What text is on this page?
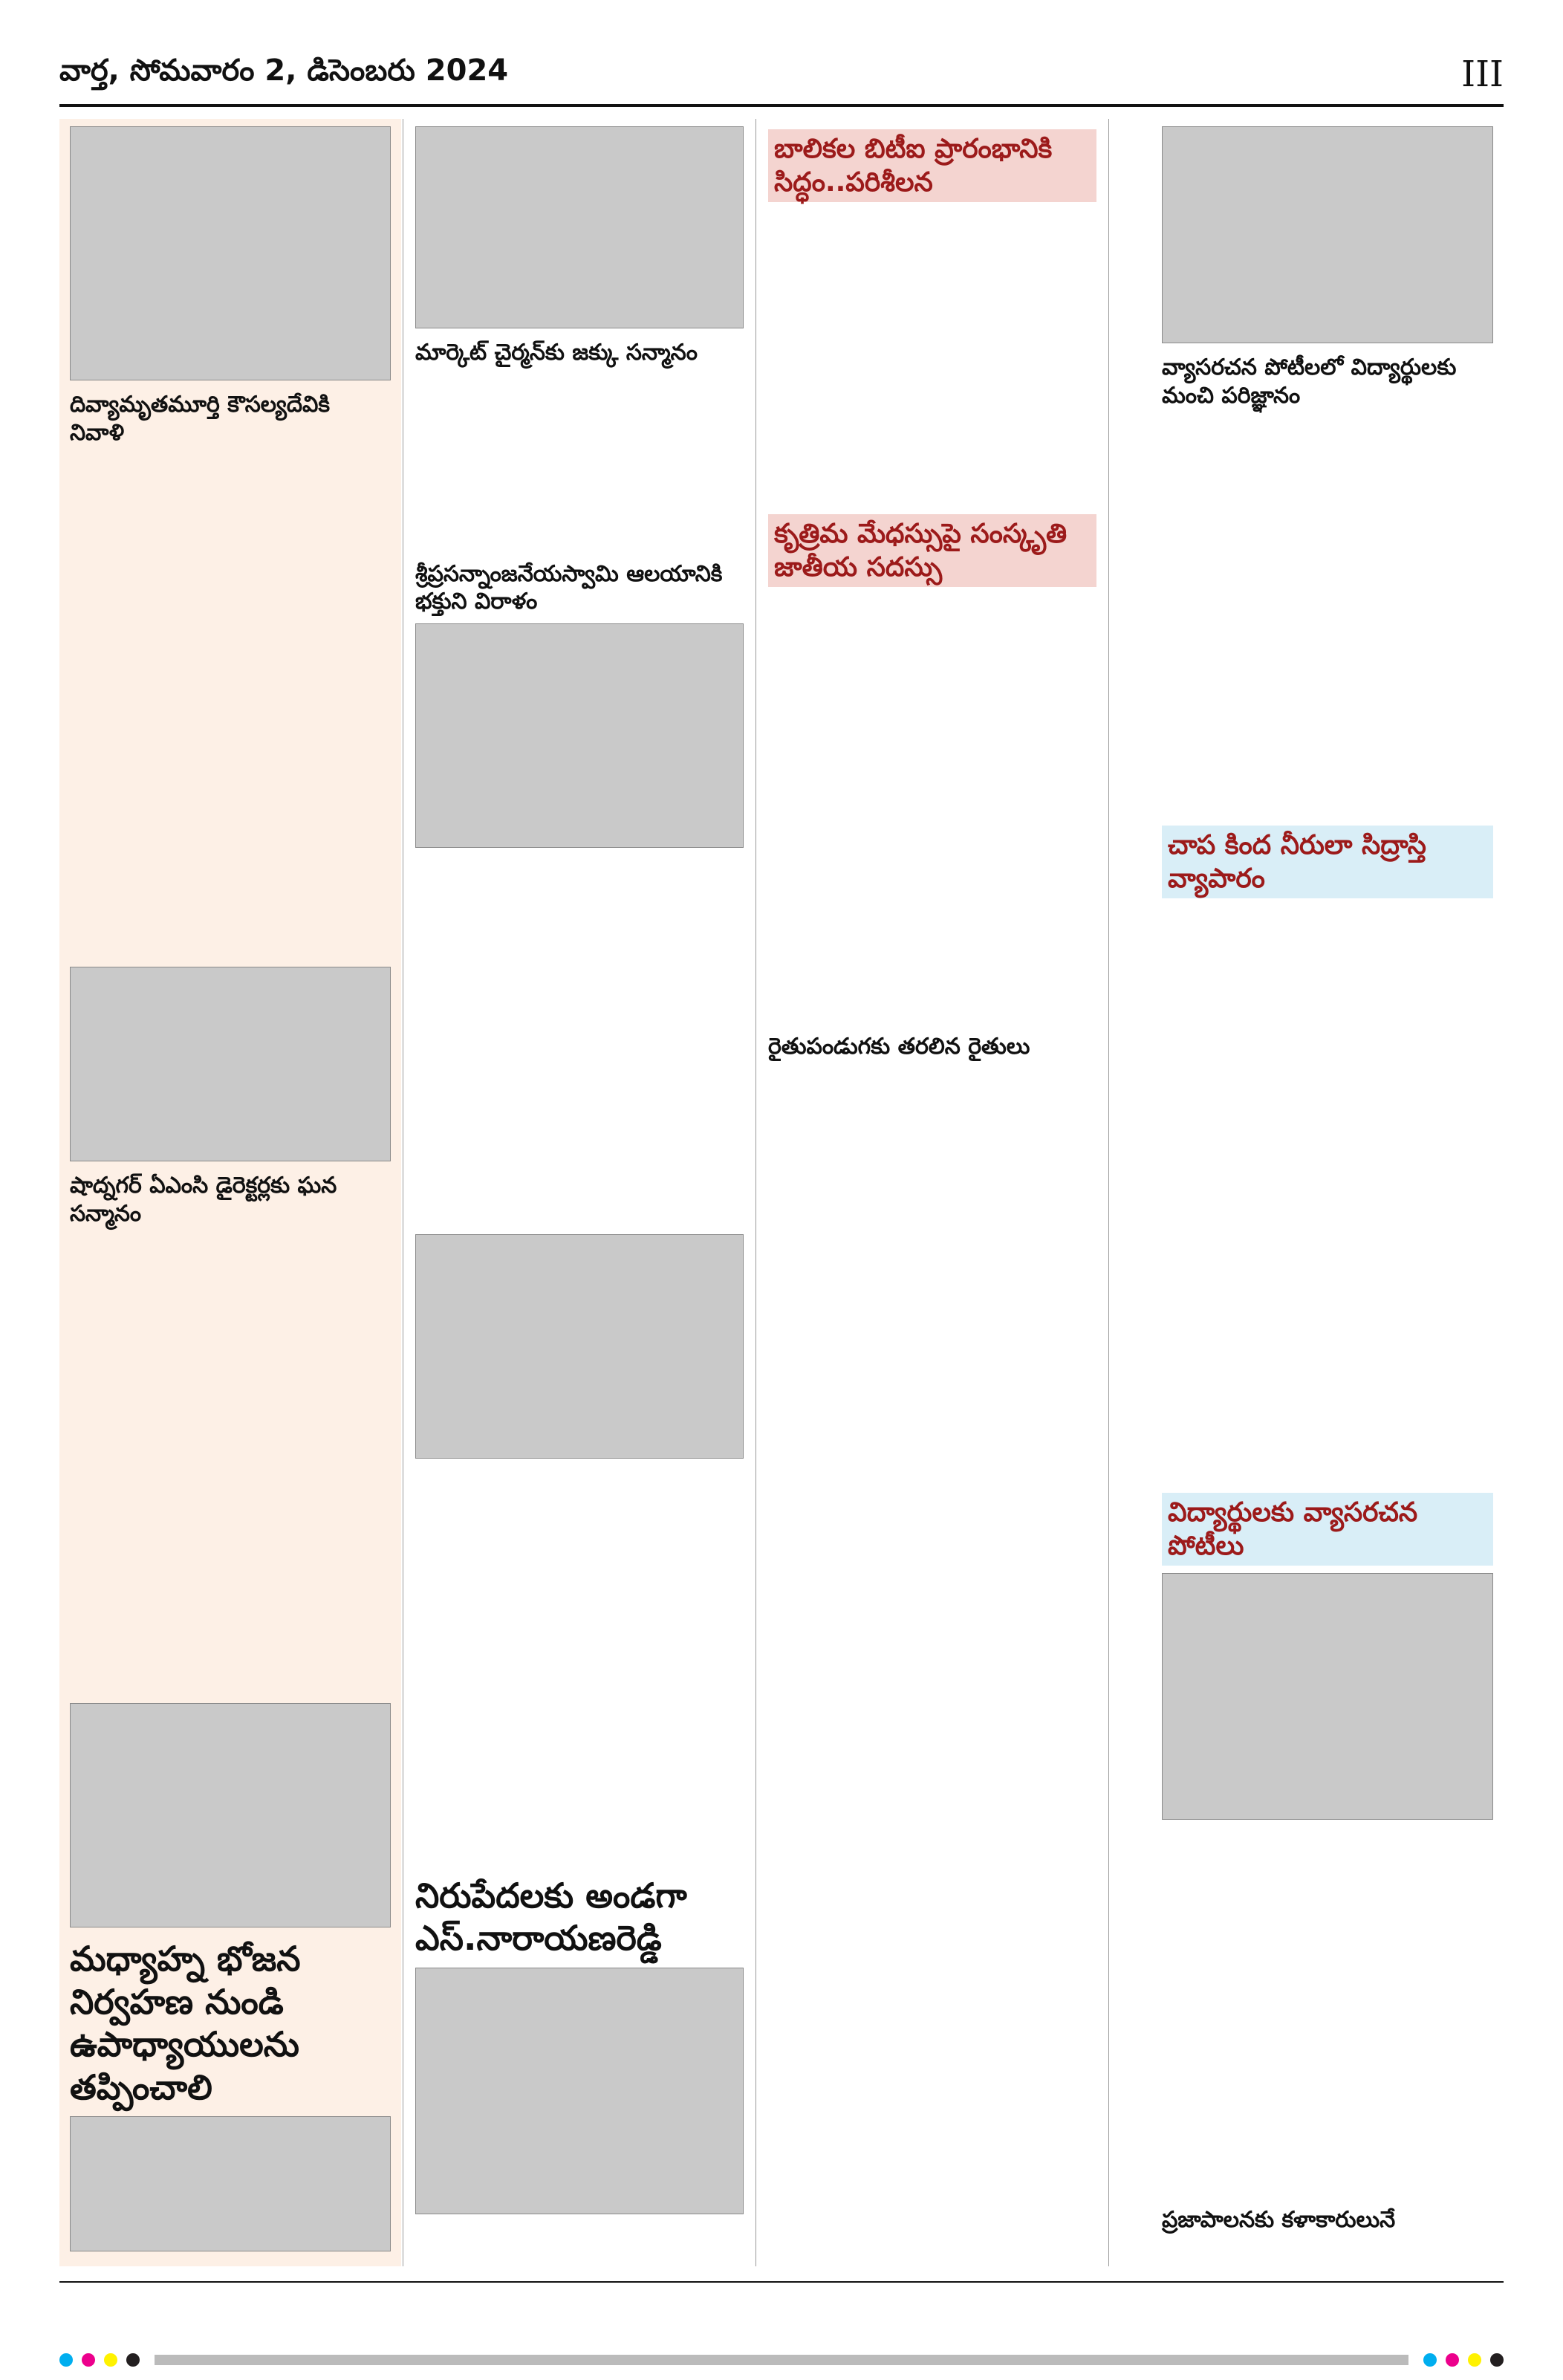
వార్త, సోమవారం 2, డిసెంబరు 2024	III
దివ్యామృతమూర్తి కౌసల్యదేవికి నివాళి
షాద్నగర్ ఏఎంసి డైరెక్టర్లకు ఘన సన్మానం
మధ్యాహ్న భోజన నిర్వహణ నుండి ఉపాధ్యాయులను తప్పించాలి
మార్కెట్ చైర్మన్‌కు జక్కు సన్మానం
శ్రీప్రసన్నాంజనేయస్వామి ఆలయానికి భక్తుని విరాళం
నిరుపేదలకు అండగా ఎస్.నారాయణరెడ్డి
బాలికల బిటీఐ ప్రారంభానికి సిద్ధం..పరిశీలన
కృత్రిమ మేధస్సుపై సంస్కృతి జాతీయ సదస్సు
రైతుపండుగకు తరలిన రైతులు
వ్యాసరచన పోటీలలో విద్యార్థులకు మంచి పరిజ్ఞానం
చాప కింద నీరులా సిద్రాస్తి వ్యాపారం
విద్యార్థులకు వ్యాసరచన పోటీలు
ప్రజాపాలనకు కళాకారులునే
